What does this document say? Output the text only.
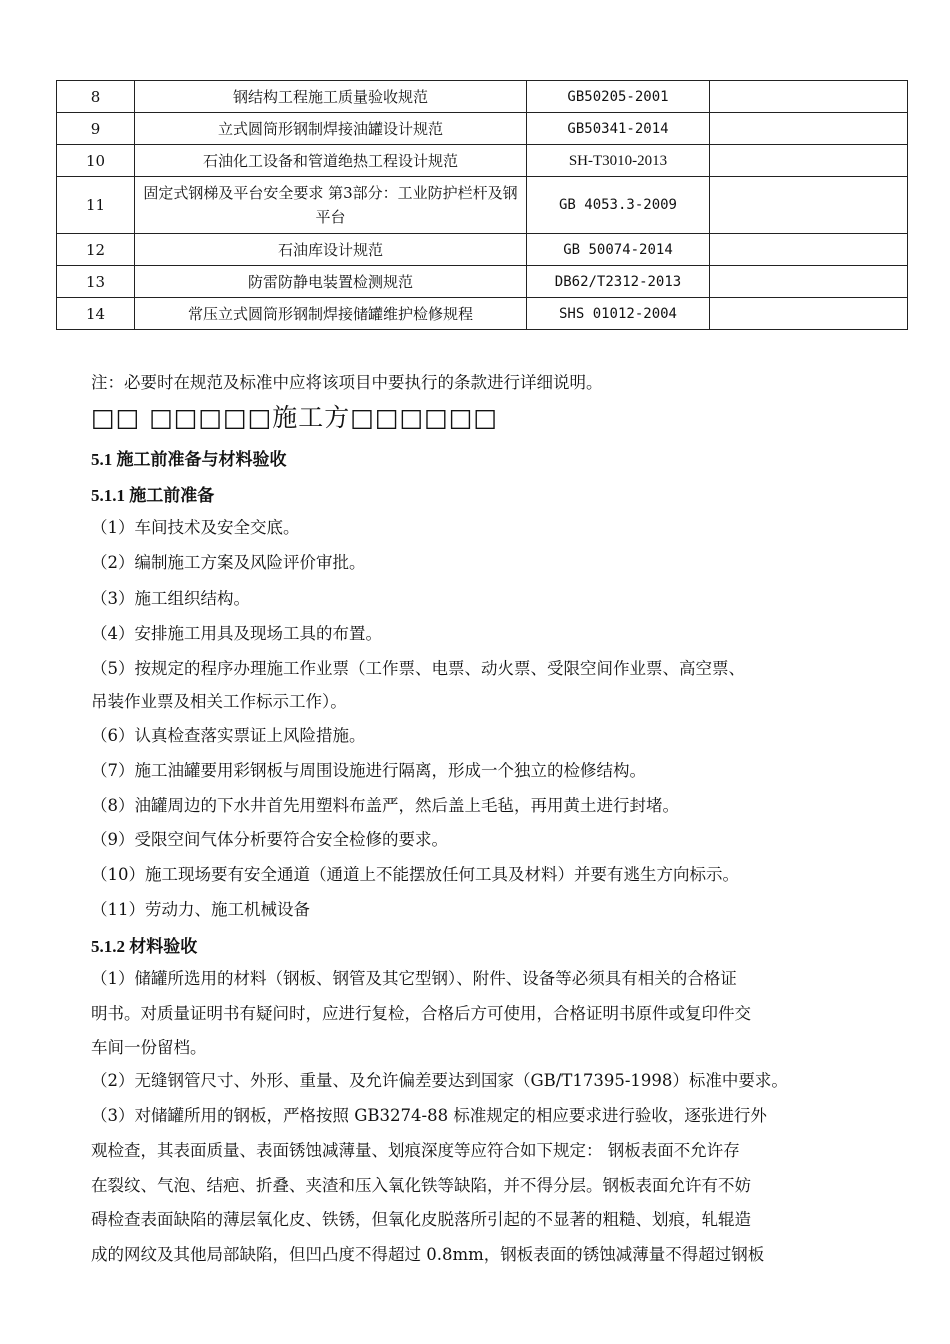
8	钢结构工程施工质量验收规范	GB50205-2001	
9	立式圆筒形钢制焊接油罐设计规范	GB50341-2014	
10	石油化工设备和管道绝热工程设计规范	SH-T3010-2013	
11	固定式钢梯及平台安全要求 第3部分：工业防护栏杆及钢平台	GB 4053.3-2009	
12	石油库设计规范	GB 50074-2014	
13	防雷防静电装置检测规范	DB62/T2312-2013	
14	常压立式圆筒形钢制焊接储罐维护检修规程	SHS 01012-2004	
注：必要时在规范及标准中应将该项目中要执行的条款进行详细说明。
□□ □□□□□施工方□□□□□□
5.1 施工前准备与材料验收
5.1.1 施工前准备
（1）车间技术及安全交底。
（2）编制施工方案及风险评价审批。
（3）施工组织结构。
（4）安排施工用具及现场工具的布置。
（5）按规定的程序办理施工作业票（工作票、电票、动火票、受限空间作业票、高空票、
吊装作业票及相关工作标示工作）。
（6）认真检查落实票证上风险措施。
（7）施工油罐要用彩钢板与周围设施进行隔离，形成一个独立的检修结构。
（8）油罐周边的下水井首先用塑料布盖严，然后盖上毛毡，再用黄土进行封堵。
（9）受限空间气体分析要符合安全检修的要求。
（10）施工现场要有安全通道（通道上不能摆放任何工具及材料）并要有逃生方向标示。
（11）劳动力、施工机械设备
5.1.2 材料验收
（1）储罐所选用的材料（钢板、钢管及其它型钢）、附件、设备等必须具有相关的合格证
明书。对质量证明书有疑问时，应进行复检，合格后方可使用，合格证明书原件或复印件交
车间一份留档。
（2）无缝钢管尺寸、外形、重量、及允许偏差要达到国家（GB/T17395-1998）标准中要求。
（3）对储罐所用的钢板，严格按照 GB3274-88 标准规定的相应要求进行验收，逐张进行外
观检查，其表面质量、表面锈蚀减薄量、划痕深度等应符合如下规定： 钢板表面不允许存
在裂纹、气泡、结疤、折叠、夹渣和压入氧化铁等缺陷，并不得分层。钢板表面允许有不妨
碍检查表面缺陷的薄层氧化皮、铁锈，但氧化皮脱落所引起的不显著的粗糙、划痕，轧辊造
成的网纹及其他局部缺陷，但凹凸度不得超过 0.8mm，钢板表面的锈蚀减薄量不得超过钢板
